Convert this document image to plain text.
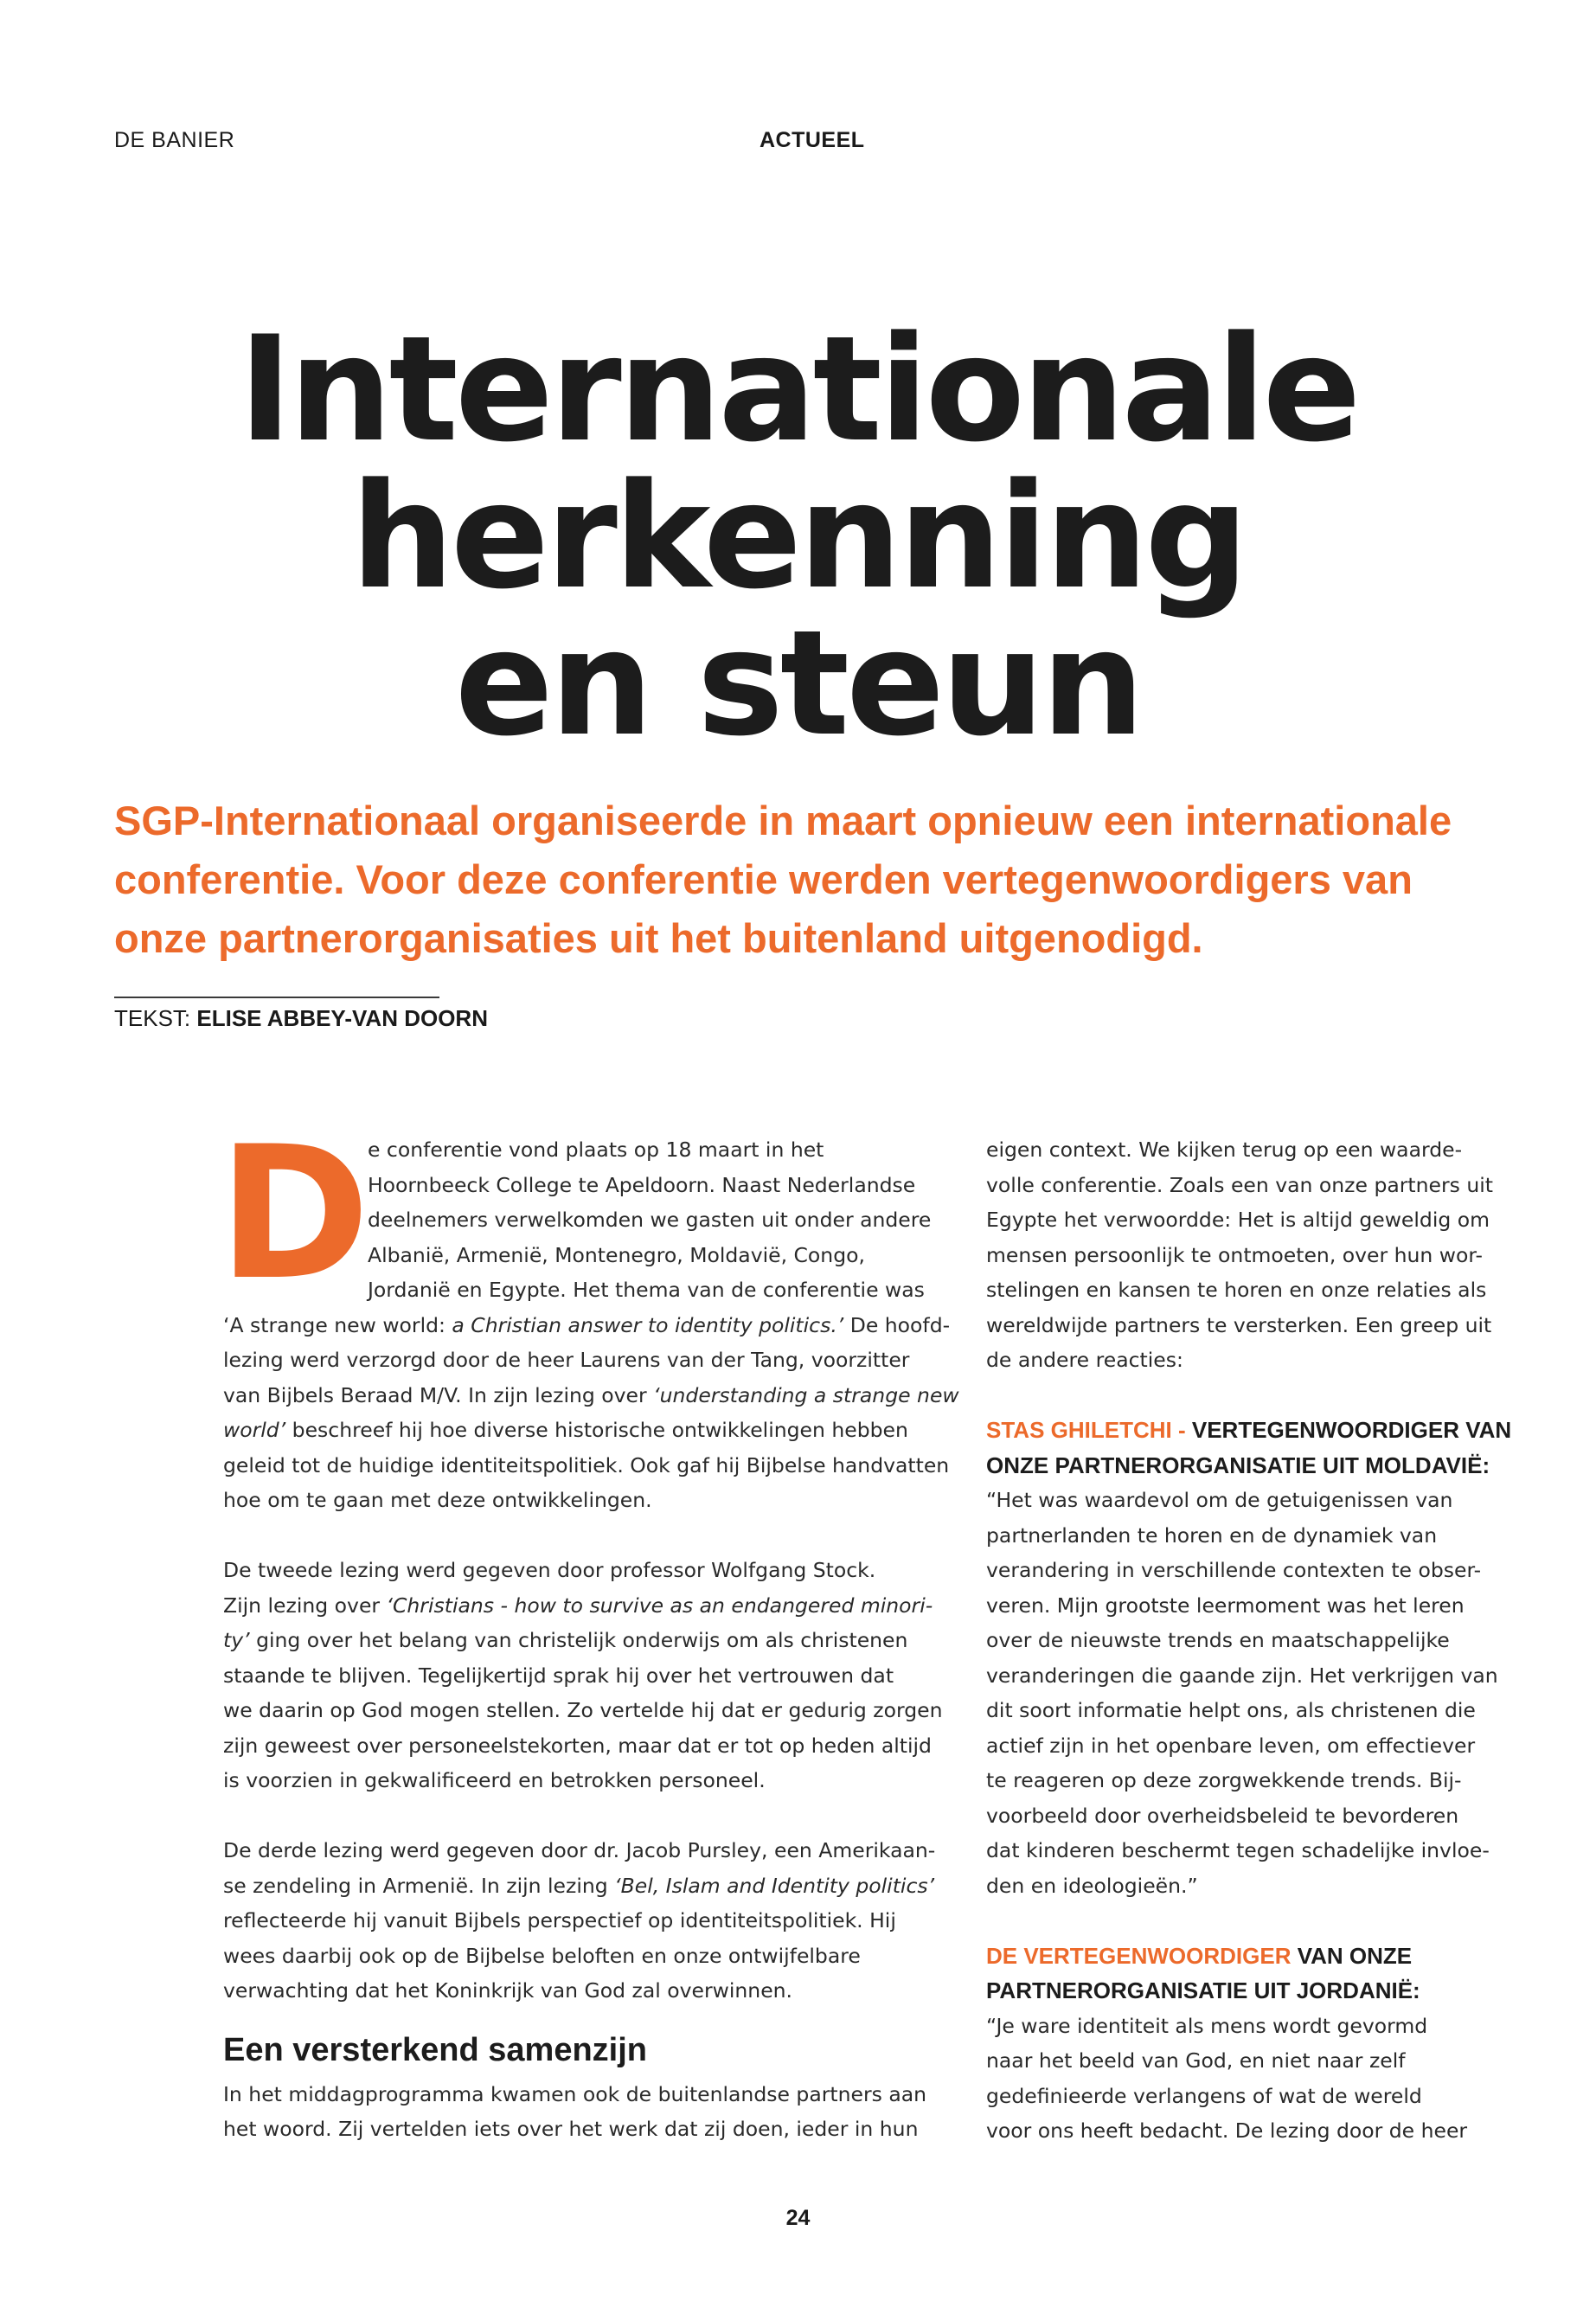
DE BANIER	ACTUEEL
Internationale
herkenning
en steun
SGP-Internationaal organiseerde in maart opnieuw een internationale
conferentie. Voor deze conferentie werden vertegenwoordigers van
onze partnerorganisaties uit het buitenland uitgenodigd.
TEKST: ELISE ABBEY-VAN DOORN
D
e conferentie vond plaats op 18 maart in het
Hoornbeeck College te Apeldoorn. Naast Nederlandse
deelnemers verwelkomden we gasten uit onder andere
Albanië, Armenië, Montenegro, Moldavië, Congo,
Jordanië en Egypte. Het thema van de conferentie was
‘A strange new world: a Christian answer to identity politics.’ De hoofd-
lezing werd verzorgd door de heer Laurens van der Tang, voorzitter
van Bijbels Beraad M/V. In zijn lezing over ‘understanding a strange new
world’ beschreef hij hoe diverse historische ontwikkelingen hebben
geleid tot de huidige identiteitspolitiek. Ook gaf hij Bijbelse handvatten
hoe om te gaan met deze ontwikkelingen.
De tweede lezing werd gegeven door professor Wolfgang Stock.
Zijn lezing over ‘Christians - how to survive as an endangered minori-
ty’ ging over het belang van christelijk onderwijs om als christenen
staande te blijven. Tegelijkertijd sprak hij over het vertrouwen dat
we daarin op God mogen stellen. Zo vertelde hij dat er gedurig zorgen
zijn geweest over personeelstekorten, maar dat er tot op heden altijd
is voorzien in gekwalificeerd en betrokken personeel.
De derde lezing werd gegeven door dr. Jacob Pursley, een Amerikaan-
se zendeling in Armenië. In zijn lezing ‘Bel, Islam and Identity politics’
reflecteerde hij vanuit Bijbels perspectief op identiteitspolitiek. Hij
wees daarbij ook op de Bijbelse beloften en onze ontwijfelbare
verwachting dat het Koninkrijk van God zal overwinnen.
Een versterkend samenzijn
In het middagprogramma kwamen ook de buitenlandse partners aan
het woord. Zij vertelden iets over het werk dat zij doen, ieder in hun
eigen context. We kijken terug op een waarde-
volle conferentie. Zoals een van onze partners uit
Egypte het verwoordde: Het is altijd geweldig om
mensen persoonlijk te ontmoeten, over hun wor-
stelingen en kansen te horen en onze relaties als
wereldwijde partners te versterken. Een greep uit
de andere reacties:
STAS GHILETCHI - VERTEGENWOORDIGER VAN
ONZE PARTNERORGANISATIE UIT MOLDAVIË:
“Het was waardevol om de getuigenissen van
partnerlanden te horen en de dynamiek van
verandering in verschillende contexten te obser-
veren. Mijn grootste leermoment was het leren
over de nieuwste trends en maatschappelijke
veranderingen die gaande zijn. Het verkrijgen van
dit soort informatie helpt ons, als christenen die
actief zijn in het openbare leven, om effectiever
te reageren op deze zorgwekkende trends. Bij-
voorbeeld door overheidsbeleid te bevorderen
dat kinderen beschermt tegen schadelijke invloe-
den en ideologieën.”
DE VERTEGENWOORDIGER VAN ONZE
PARTNERORGANISATIE UIT JORDANIË:
“Je ware identiteit als mens wordt gevormd
naar het beeld van God, en niet naar zelf
gedefinieerde verlangens of wat de wereld
voor ons heeft bedacht. De lezing door de heer
24
